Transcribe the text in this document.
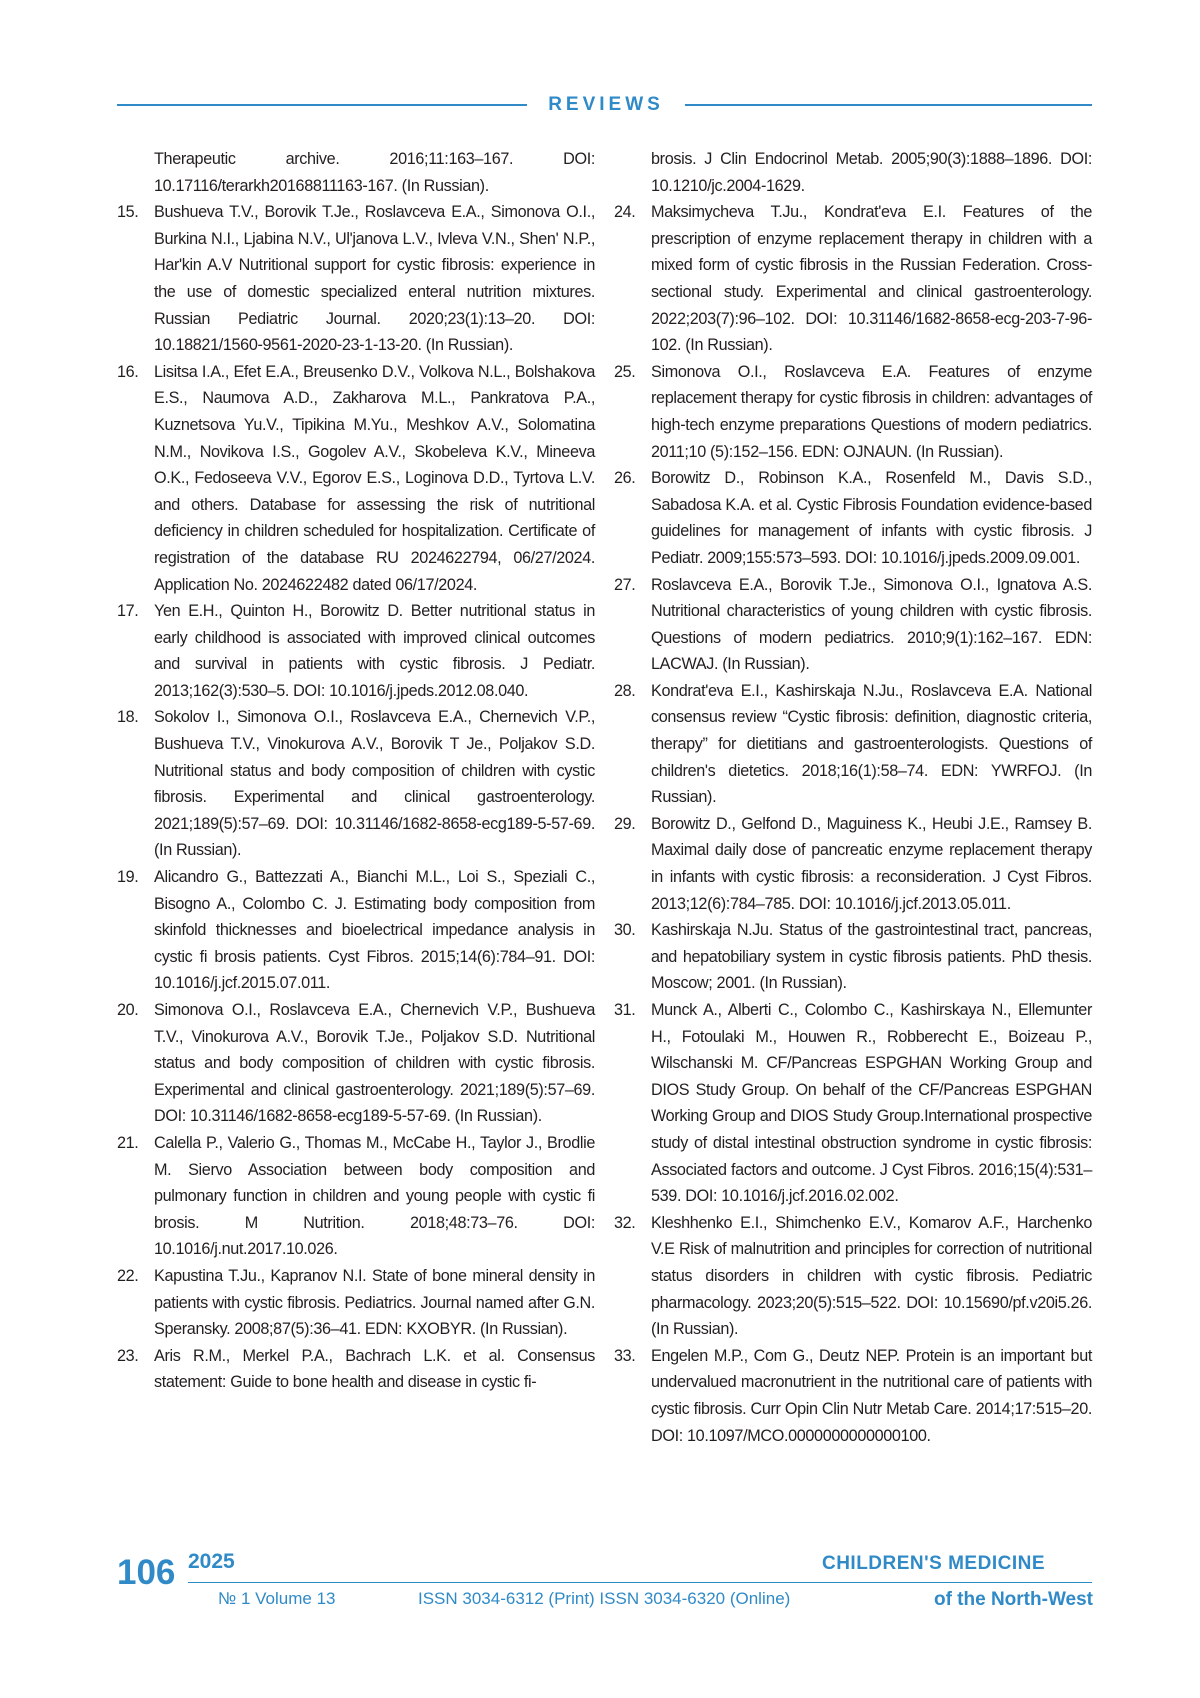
REVIEWS
Therapeutic archive. 2016;11:163–167. DOI: 10.17116/terarkh20168811163-167. (In Russian).
15. Bushueva T.V., Borovik T.Je., Roslavceva E.A., Simonova O.I., Burkina N.I., Ljabina N.V., Ul'janova L.V., Ivleva V.N., Shen' N.P., Har'kin A.V Nutritional support for cystic fibrosis: experience in the use of domestic specialized enteral nutrition mixtures. Russian Pediatric Journal. 2020;23(1):13–20. DOI: 10.18821/1560-9561-2020-23-1-13-20. (In Russian).
16. Lisitsa I.A., Efet E.A., Breusenko D.V., Volkova N.L., Bolshakova E.S., Naumova A.D., Zakharova M.L., Pankratova P.A., Kuznetsova Yu.V., Tipikina M.Yu., Meshkov A.V., Solomatina N.M., Novikova I.S., Gogolev A.V., Skobeleva K.V., Mineeva O.K., Fedoseeva V.V., Egorov E.S., Loginova D.D., Tyrtova L.V. and others. Database for assessing the risk of nutritional deficiency in children scheduled for hospitalization. Certificate of registration of the database RU 2024622794, 06/27/2024. Application No. 2024622482 dated 06/17/2024.
17. Yen E.H., Quinton H., Borowitz D. Better nutritional status in early childhood is associated with improved clinical outcomes and survival in patients with cystic fibrosis. J Pediatr. 2013;162(3):530–5. DOI: 10.1016/j.jpeds.2012.08.040.
18. Sokolov I., Simonova O.I., Roslavceva E.A., Chernevich V.P., Bushueva T.V., Vinokurova A.V., Borovik T Je., Poljakov S.D. Nutritional status and body composition of children with cystic fibrosis. Experimental and clinical gastroenterology. 2021;189(5):57–69. DOI: 10.31146/1682-8658-ecg189-5-57-69. (In Russian).
19. Alicandro G., Battezzati A., Bianchi M.L., Loi S., Speziali C., Bisogno A., Colombo C. J. Estimating body composition from skinfold thicknesses and bioelectrical impedance analysis in cystic fi brosis patients. Cyst Fibros. 2015;14(6):784–91. DOI: 10.1016/j.jcf.2015.07.011.
20. Simonova O.I., Roslavceva E.A., Chernevich V.P., Bushueva T.V., Vinokurova A.V., Borovik T.Je., Poljakov S.D. Nutritional status and body composition of children with cystic fibrosis. Experimental and clinical gastroenterology. 2021;189(5):57–69. DOI: 10.31146/1682-8658-ecg189-5-57-69. (In Russian).
21. Calella P., Valerio G., Thomas M., McCabe H., Taylor J., Brodlie M. Siervo Association between body composition and pulmonary function in children and young people with cystic fi brosis. M Nutrition. 2018;48:73–76. DOI: 10.1016/j.nut.2017.10.026.
22. Kapustina T.Ju., Kapranov N.I. State of bone mineral density in patients with cystic fibrosis. Pediatrics. Journal named after G.N. Speransky. 2008;87(5):36–41. EDN: KXOBYR. (In Russian).
23. Aris R.M., Merkel P.A., Bachrach L.K. et al. Consensus statement: Guide to bone health and disease in cystic fi-
brosis. J Clin Endocrinol Metab. 2005;90(3):1888–1896. DOI: 10.1210/jc.2004-1629.
24. Maksimycheva T.Ju., Kondrat'eva E.I. Features of the prescription of enzyme replacement therapy in children with a mixed form of cystic fibrosis in the Russian Federation. Cross-sectional study. Experimental and clinical gastroenterology. 2022;203(7):96–102. DOI: 10.31146/1682-8658-ecg-203-7-96-102. (In Russian).
25. Simonova O.I., Roslavceva E.A. Features of enzyme replacement therapy for cystic fibrosis in children: advantages of high-tech enzyme preparations Questions of modern pediatrics. 2011;10 (5):152–156. EDN: OJNAUN. (In Russian).
26. Borowitz D., Robinson K.A., Rosenfeld M., Davis S.D., Sabadosa K.A. et al. Cystic Fibrosis Foundation evidence-based guidelines for management of infants with cystic fibrosis. J Pediatr. 2009;155:573–593. DOI: 10.1016/j.jpeds.2009.09.001.
27. Roslavceva E.A., Borovik T.Je., Simonova O.I., Ignatova A.S. Nutritional characteristics of young children with cystic fibrosis. Questions of modern pediatrics. 2010;9(1):162–167. EDN: LACWAJ. (In Russian).
28. Kondrat'eva E.I., Kashirskaja N.Ju., Roslavceva E.A. National consensus review “Cystic fibrosis: definition, diagnostic criteria, therapy” for dietitians and gastroenterologists. Questions of children's dietetics. 2018;16(1):58–74. EDN: YWRFOJ. (In Russian).
29. Borowitz D., Gelfond D., Maguiness K., Heubi J.E., Ramsey B. Maximal daily dose of pancreatic enzyme replacement therapy in infants with cystic fibrosis: a reconsideration. J Cyst Fibros. 2013;12(6):784–785. DOI: 10.1016/j.jcf.2013.05.011.
30. Kashirskaja N.Ju. Status of the gastrointestinal tract, pancreas, and hepatobiliary system in cystic fibrosis patients. PhD thesis. Moscow; 2001. (In Russian).
31. Munck A., Alberti C., Colombo C., Kashirskaya N., Ellemunter H., Fotoulaki M., Houwen R., Robberecht E., Boizeau P., Wilschanski M. CF/Pancreas ESPGHAN Working Group and DIOS Study Group. On behalf of the CF/Pancreas ESPGHAN Working Group and DIOS Study Group.International prospective study of distal intestinal obstruction syndrome in cystic fibrosis: Associated factors and outcome. J Cyst Fibros. 2016;15(4):531–539. DOI: 10.1016/j.jcf.2016.02.002.
32. Kleshhenko E.I., Shimchenko E.V., Komarov A.F., Harchenko V.E Risk of malnutrition and principles for correction of nutritional status disorders in children with cystic fibrosis. Pediatric pharmacology. 2023;20(5):515–522. DOI: 10.15690/pf.v20i5.26. (In Russian).
33. Engelen M.P., Com G., Deutz NEP. Protein is an important but undervalued macronutrient in the nutritional care of patients with cystic fibrosis. Curr Opin Clin Nutr Metab Care. 2014;17:515–20. DOI: 10.1097/MCO.0000000000000100.
106 2025
№ 1 Volume 13	ISSN 3034-6312 (Print) ISSN 3034-6320 (Online)
CHILDREN'S MEDICINE
of the North-West
